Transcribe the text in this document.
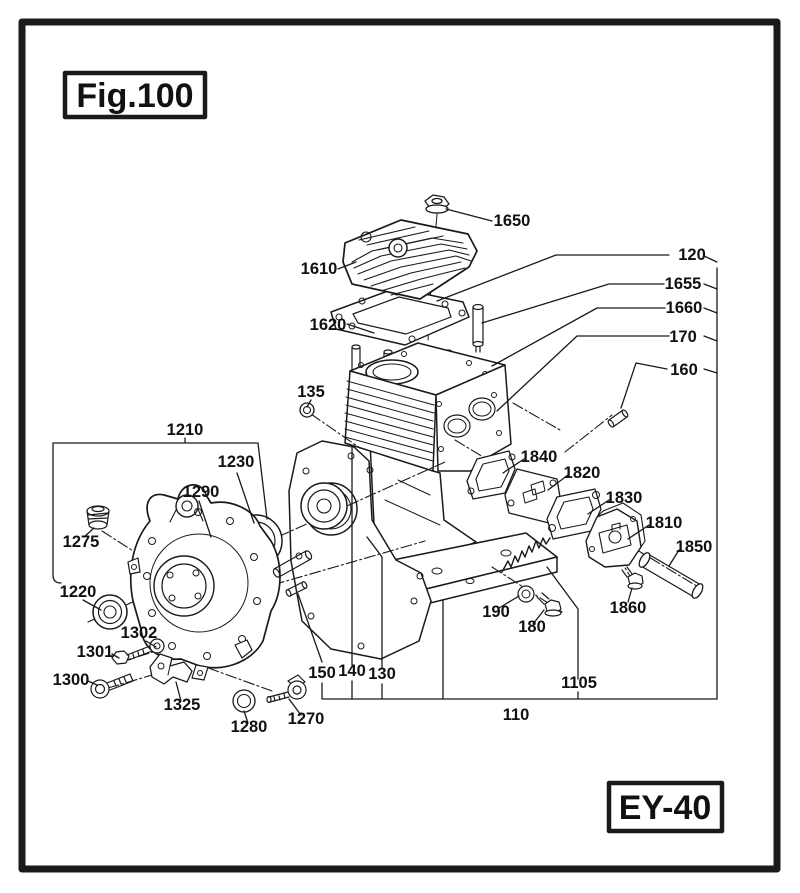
Fig.100
EY-40
1650
1610
1620
120
1655
1660
170
160
135
1210
1230
1290
1275
1220
1302
1301
1300
1325
1280 1270
150 140 130
190
180
1105
110
1840
1820
1830
1810
1850
1860
